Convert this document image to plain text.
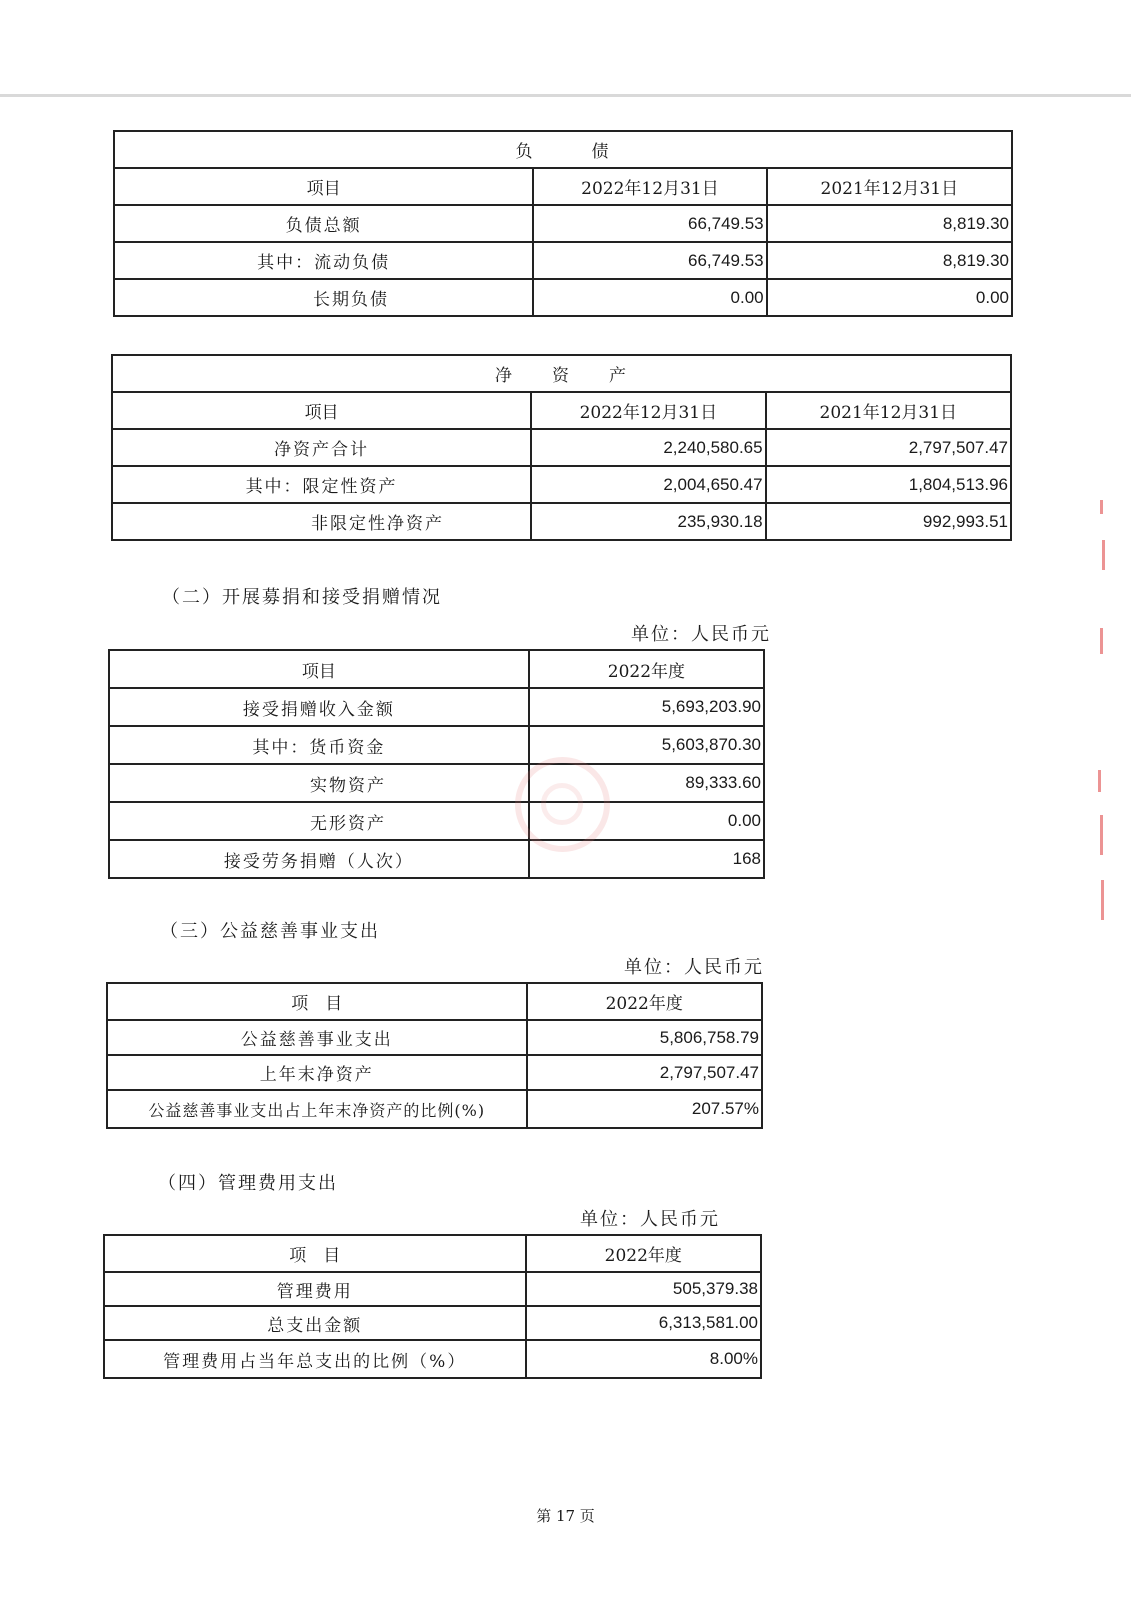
负　　　债		
项目	2022年12月31日	2021年12月31日
负债总额	66,749.53	8,819.30
其中：流动负债	66,749.53	8,819.30
长期负债	0.00	0.00
净　　资　　产		
项目	2022年12月31日	2021年12月31日
净资产合计	2,240,580.65	2,797,507.47
其中：限定性资产	2,004,650.47	1,804,513.96
非限定性净资产	235,930.18	992,993.51
（二）开展募捐和接受捐赠情况
单位：人民币元
项目	2022年度
接受捐赠收入金额	5,693,203.90
其中：货币资金	5,603,870.30
实物资产	89,333.60
无形资产	0.00
接受劳务捐赠（人次）	168
（三）公益慈善事业支出
单位：人民币元
项　目	2022年度
公益慈善事业支出	5,806,758.79
上年末净资产	2,797,507.47
公益慈善事业支出占上年末净资产的比例(%)	207.57%
（四）管理费用支出
单位：人民币元
项　目	2022年度
管理费用	505,379.38
总支出金额	6,313,581.00
管理费用占当年总支出的比例（%）	8.00%
第 17 页
